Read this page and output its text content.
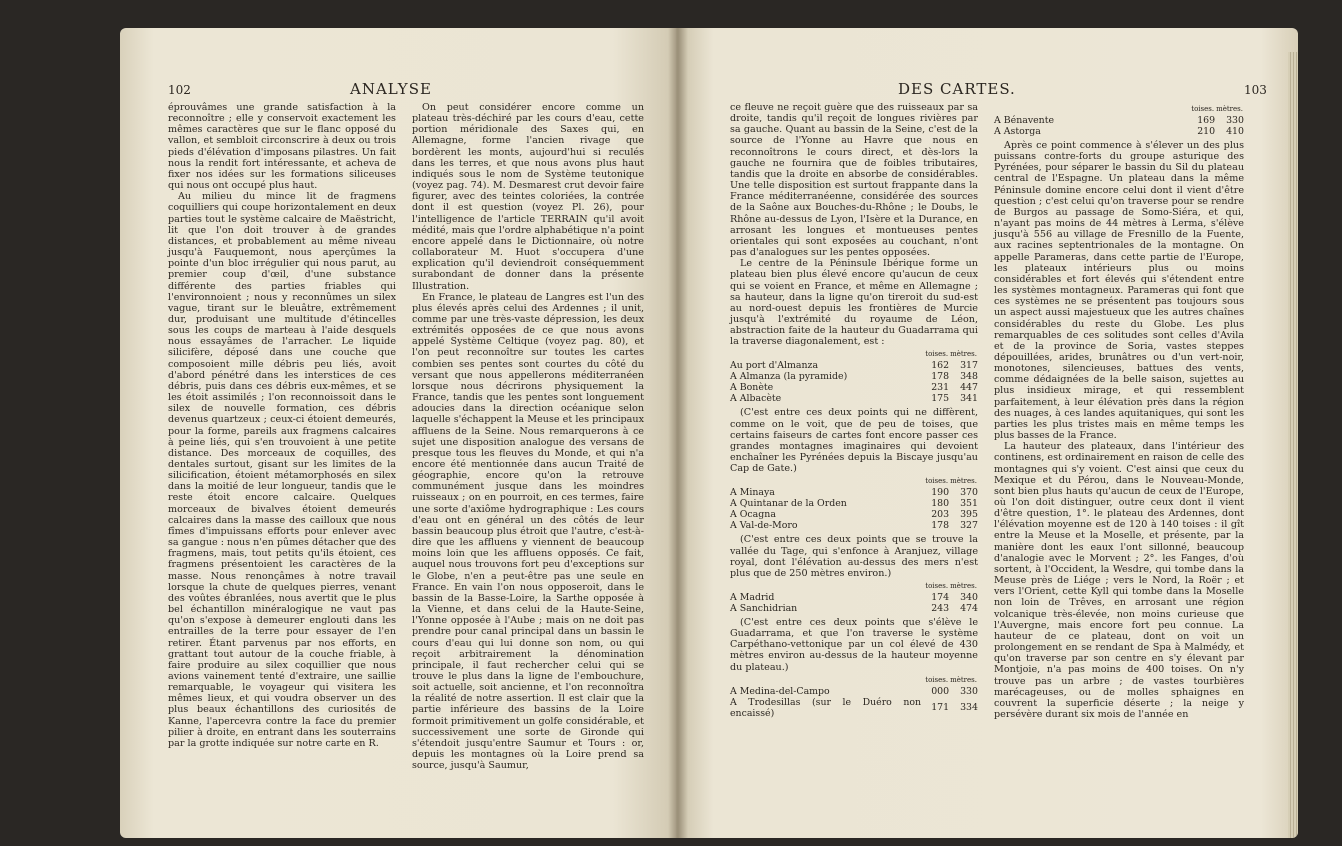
102	ANALYSE

éprouvâmes une grande satisfaction à la reconnoître ; elle y conservoit exactement les mêmes caractères que sur le flanc opposé du vallon, et sembloit circonscrire à deux ou trois pieds d'élévation d'imposans pilastres. Un fait nous la rendit fort intéressante, et acheva de fixer nos idées sur les formations siliceuses qui nous ont occupé plus haut.

Au milieu du mince lit de fragmens coquilliers qui coupe horizontalement en deux parties tout le système calcaire de Maëstricht, lit que l'on doit trouver à de grandes distances, et probablement au même niveau jusqu'à Fauquemont, nous aperçûmes la pointe d'un bloc irrégulier qui nous parut, au premier coup d'œil, d'une substance différente des parties friables qui l'environnoient ; nous y reconnûmes un silex vague, tirant sur le bleuâtre, extrêmement dur, produisant une multitude d'étincelles sous les coups de marteau à l'aide desquels nous essayâmes de l'arracher. Le liquide silicifère, déposé dans une couche que composoient mille débris peu liés, avoit d'abord pénétré dans les interstices de ces débris, puis dans ces débris eux-mêmes, et se les étoit assimilés ; l'on reconnoissoit dans le silex de nouvelle formation, ces débris devenus quartzeux ; ceux-ci étoient demeurés, pour la forme, pareils aux fragmens calcaires à peine liés, qui s'en trouvoient à une petite distance. Des morceaux de coquilles, des dentales surtout, gisant sur les limites de la silicification, étoient métamorphosés en silex dans la moitié de leur longueur, tandis que le reste étoit encore calcaire. Quelques morceaux de bivalves étoient demeurés calcaires dans la masse des cailloux que nous fîmes d'impuissans efforts pour enlever avec sa gangue : nous n'en pûmes détacher que des fragmens, mais, tout petits qu'ils étoient, ces fragmens présentoient les caractères de la masse. Nous renonçâmes à notre travail lorsque la chute de quelques pierres, venant des voûtes ébranlées, nous avertit que le plus bel échantillon minéralogique ne vaut pas qu'on s'expose à demeurer englouti dans les entrailles de la terre pour essayer de l'en retirer. Étant parvenus par nos efforts, en grattant tout autour de la couche friable, à faire produire au silex coquillier que nous avions vainement tenté d'extraire, une saillie remarquable, le voyageur qui visitera les mêmes lieux, et qui voudra observer un des plus beaux échantillons des curiosités de Kanne, l'apercevra contre la face du premier pilier à droite, en entrant dans les souterrains par la grotte indiquée sur notre carte en R.

On peut considérer encore comme un plateau très-déchiré par les cours d'eau, cette portion méridionale des Saxes qui, en Allemagne, forme l'ancien rivage que bordèrent les monts, aujourd'hui si reculés dans les terres, et que nous avons plus haut indiqués sous le nom de Système teutonique (voyez pag. 74). M. Desmarest crut devoir faire figurer, avec des teintes coloriées, la contrée dont il est question (voyez Pl. 26), pour l'intelligence de l'article TERRAIN qu'il avoit médité, mais que l'ordre alphabétique n'a point encore appelé dans le Dictionnaire, où notre collaborateur M. Huot s'occupera d'une explication qu'il deviendroit conséquemment surabondant de donner dans la présente Illustration.

En France, le plateau de Langres est l'un des plus élevés après celui des Ardennes ; il unit, comme par une très-vaste dépression, les deux extrémités opposées de ce que nous avons appelé Système Celtique (voyez pag. 80), et l'on peut reconnoître sur toutes les cartes combien ses pentes sont courtes du côté du versant que nous appellerons méditerranéen lorsque nous décrirons physiquement la France, tandis que les pentes sont longuement adoucies dans la direction océanique selon laquelle s'échappent la Meuse et les principaux affluens de la Seine. Nous remarquerons à ce sujet une disposition analogue des versans de presque tous les fleuves du Monde, et qui n'a encore été mentionnée dans aucun Traité de géographie, encore qu'on la retrouve communément jusque dans les moindres ruisseaux ; on en pourroit, en ces termes, faire une sorte d'axiôme hydrographique : Les cours d'eau ont en général un des côtés de leur bassin beaucoup plus étroit que l'autre, c'est-à-dire que les affluens y viennent de beaucoup moins loin que les affluens opposés. Ce fait, auquel nous trouvons fort peu d'exceptions sur le Globe, n'en a peut-être pas une seule en France. En vain l'on nous opposeroit, dans le bassin de la Basse-Loire, la Sarthe opposée à la Vienne, et dans celui de la Haute-Seine, l'Yonne opposée à l'Aube ; mais on ne doit pas prendre pour canal principal dans un bassin le cours d'eau qui lui donne son nom, ou qui reçoit arbitrairement la dénomination principale, il faut rechercher celui qui se trouve le plus dans la ligne de l'embouchure, soit actuelle, soit ancienne, et l'on reconnoîtra la réalité de notre assertion. Il est clair que la partie inférieure des bassins de la Loire formoit primitivement un golfe considérable, et successivement une sorte de Gironde qui s'étendoit jusqu'entre Saumur et Tours : or, depuis les montagnes où la Loire prend sa source, jusqu'à Saumur,

DES CARTES.	103

ce fleuve ne reçoit guère que des ruisseaux par sa droite, tandis qu'il reçoit de longues rivières par sa gauche. Quant au bassin de la Seine, c'est de la source de l'Yonne au Havre que nous en reconnoîtrons le cours direct, et dès-lors la gauche ne fournira que de foibles tributaires, tandis que la droite en absorbe de considérables. Une telle disposition est surtout frappante dans la France méditerranéenne, considérée des sources de la Saône aux Bouches-du-Rhône ; le Doubs, le Rhône au-dessus de Lyon, l'Isère et la Durance, en arrosant les longues et montueuses pentes orientales qui sont exposées au couchant, n'ont pas d'analogues sur les pentes opposées.

Le centre de la Péninsule Ibérique forme un plateau bien plus élevé encore qu'aucun de ceux qui se voient en France, et même en Allemagne ; sa hauteur, dans la ligne qu'on tireroit du sud-est au nord-ouest depuis les frontières de Murcie jusqu'à l'extrémité du royaume de Léon, abstraction faite de la hauteur du Guadarrama qui la traverse diagonalement, est :

	toises.	mètres.
Au port d'Almanza	162	317
A Almanza (la pyramide)	178	348
A Bonète	231	447
A Albacète	175	341

(C'est entre ces deux points qui ne diffèrent, comme on le voit, que de peu de toises, que certains faiseurs de cartes font encore passer ces grandes montagnes imaginaires qui devoient enchaîner les Pyrénées depuis la Biscaye jusqu'au Cap de Gate.)

	toises.	mètres.
A Minaya	190	370
A Quintanar de la Orden	180	351
A Ocagna	203	395
A Val-de-Moro	178	327

(C'est entre ces deux points que se trouve la vallée du Tage, qui s'enfonce à Aranjuez, village royal, dont l'élévation au-dessus des mers n'est plus que de 250 mètres environ.)

	toises.	mètres.
A Madrid	174	340
A Sanchidrian	243	474

(C'est entre ces deux points que s'élève le Guadarrama, et que l'on traverse le système Carpéthano-vettonique par un col élevé de 430 mètres environ au-dessus de la hauteur moyenne du plateau.)

	toises.	mètres.
A Medina-del-Campo	000	330
A Trodesillas (sur le Duéro non encaissé)	171	334
	toises.	mètres.
A Bénavente	169	330
A Astorga	210	410

Après ce point commence à s'élever un des plus puissans contre-forts du groupe asturique des Pyrénées, pour séparer le bassin du Sil du plateau central de l'Espagne. Un plateau dans la même Péninsule domine encore celui dont il vient d'être question ; c'est celui qu'on traverse pour se rendre de Burgos au passage de Somo-Siéra, et qui, n'ayant pas moins de 44 mètres à Lerma, s'élève jusqu'à 556 au village de Fresnillo de la Fuente, aux racines septentrionales de la montagne. On appelle Parameras, dans cette partie de l'Europe, les plateaux intérieurs plus ou moins considérables et fort élevés qui s'étendent entre les systèmes montagneux. Parameras qui font que ces systèmes ne se présentent pas toujours sous un aspect aussi majestueux que les autres chaînes considérables du reste du Globe. Les plus remarquables de ces solitudes sont celles d'Avila et de la province de Soria, vastes steppes dépouillées, arides, brunâtres ou d'un vert-noir, monotones, silencieuses, battues des vents, comme dédaignées de la belle saison, sujettes au plus insidieux mirage, et qui ressemblent parfaitement, à leur élévation près dans la région des nuages, à ces landes aquitaniques, qui sont les parties les plus tristes mais en même temps les plus basses de la France.

La hauteur des plateaux, dans l'intérieur des continens, est ordinairement en raison de celle des montagnes qui s'y voient. C'est ainsi que ceux du Mexique et du Pérou, dans le Nouveau-Monde, sont bien plus hauts qu'aucun de ceux de l'Europe, où l'on doit distinguer, outre ceux dont il vient d'être question, 1°. le plateau des Ardennes, dont l'élévation moyenne est de 120 à 140 toises : il gît entre la Meuse et la Moselle, et présente, par la manière dont les eaux l'ont sillonné, beaucoup d'analogie avec le Morvent ; 2°. les Fanges, d'où sortent, à l'Occident, la Wesdre, qui tombe dans la Meuse près de Liége ; vers le Nord, la Roër ; et vers l'Orient, cette Kyll qui tombe dans la Moselle non loin de Trêves, en arrosant une région volcanique très-élevée, non moins curieuse que l'Auvergne, mais encore fort peu connue. La hauteur de ce plateau, dont on voit un prolongement en se rendant de Spa à Malmédy, et qu'on traverse par son centre en s'y élevant par Montjoie, n'a pas moins de 400 toises. On n'y trouve pas un arbre ; de vastes tourbières marécageuses, ou de molles sphaignes en couvrent la superficie déserte ; la neige y persévère durant six mois de l'année en
